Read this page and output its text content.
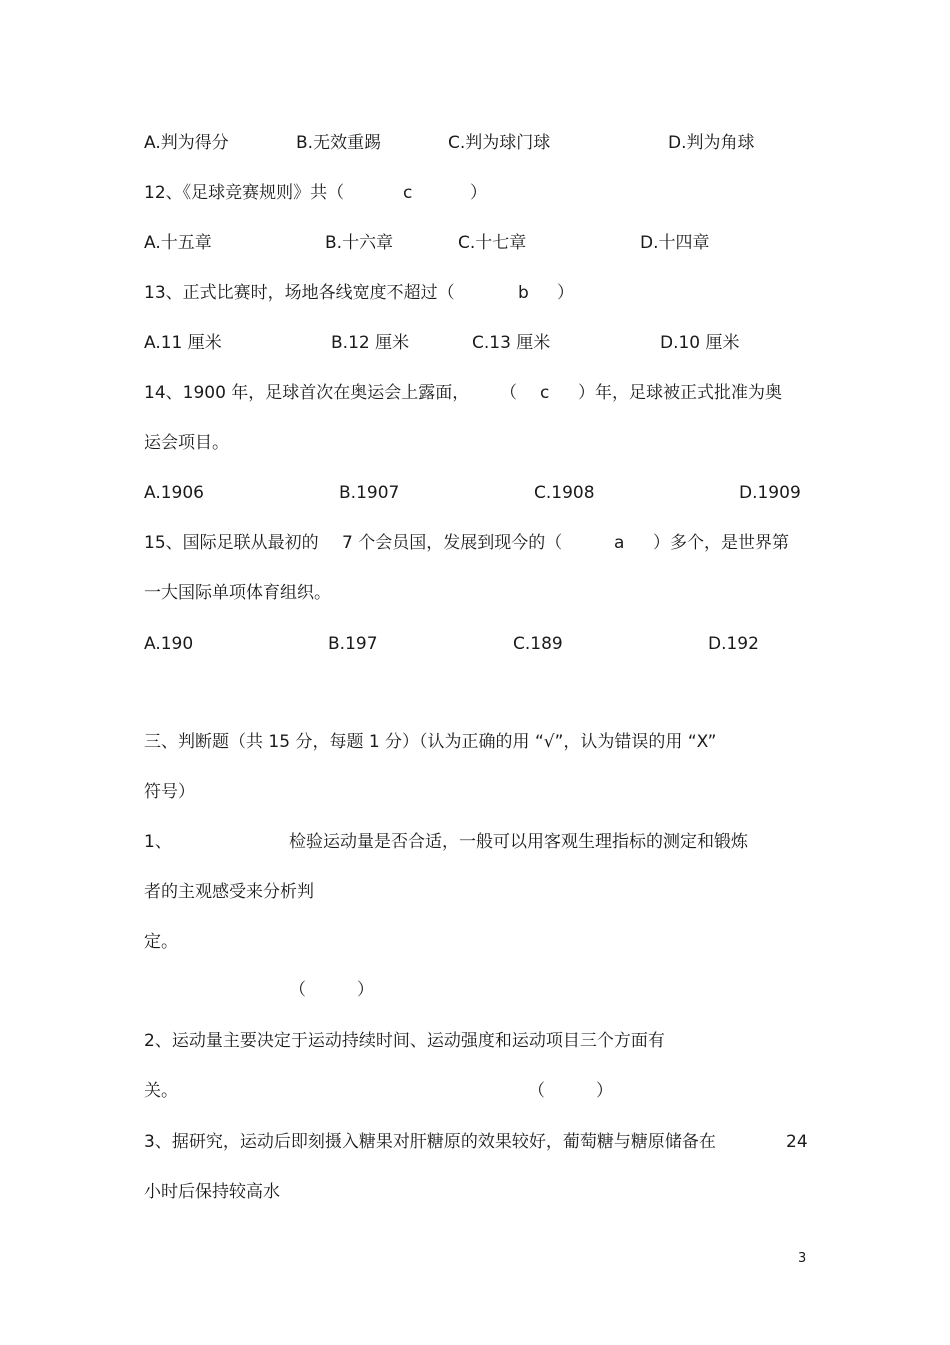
A.判为得分	B.无效重踢	C.判为球门球	D.判为角球
12、《足球竞赛规则》共（	c	）
A.十五章	B.十六章	C.十七章	D.十四章
13、正式比赛时，场地各线宽度不超过（	b ）
A.11 厘米	B.12 厘米	C.13 厘米	D.10 厘米
14、1900 年，足球首次在奥运会上露面， （ c ）年，足球被正式批准为奥
运会项目。
A.1906	B.1907	C.1908	D.1909
15、国际足联从最初的 7 个会员国，发展到现今的（	a ）多个，是世界第
一大国际单项体育组织。
A.190	B.197	C.189	D.192
三、判断题（共 15 分，每题 1 分）（认为正确的用 “√”，认为错误的用 “X”
符号）
1、	检验运动量是否合适，一般可以用客观生理指标的测定和锻炼
者的主观感受来分析判
定。
（　　　）
2、运动量主要决定于运动持续时间、运动强度和运动项目三个方面有
关。	（　　　）
3、据研究，运动后即刻摄入糖果对肝糖原的效果较好，葡萄糖与糖原储备在	24
小时后保持较高水
3
